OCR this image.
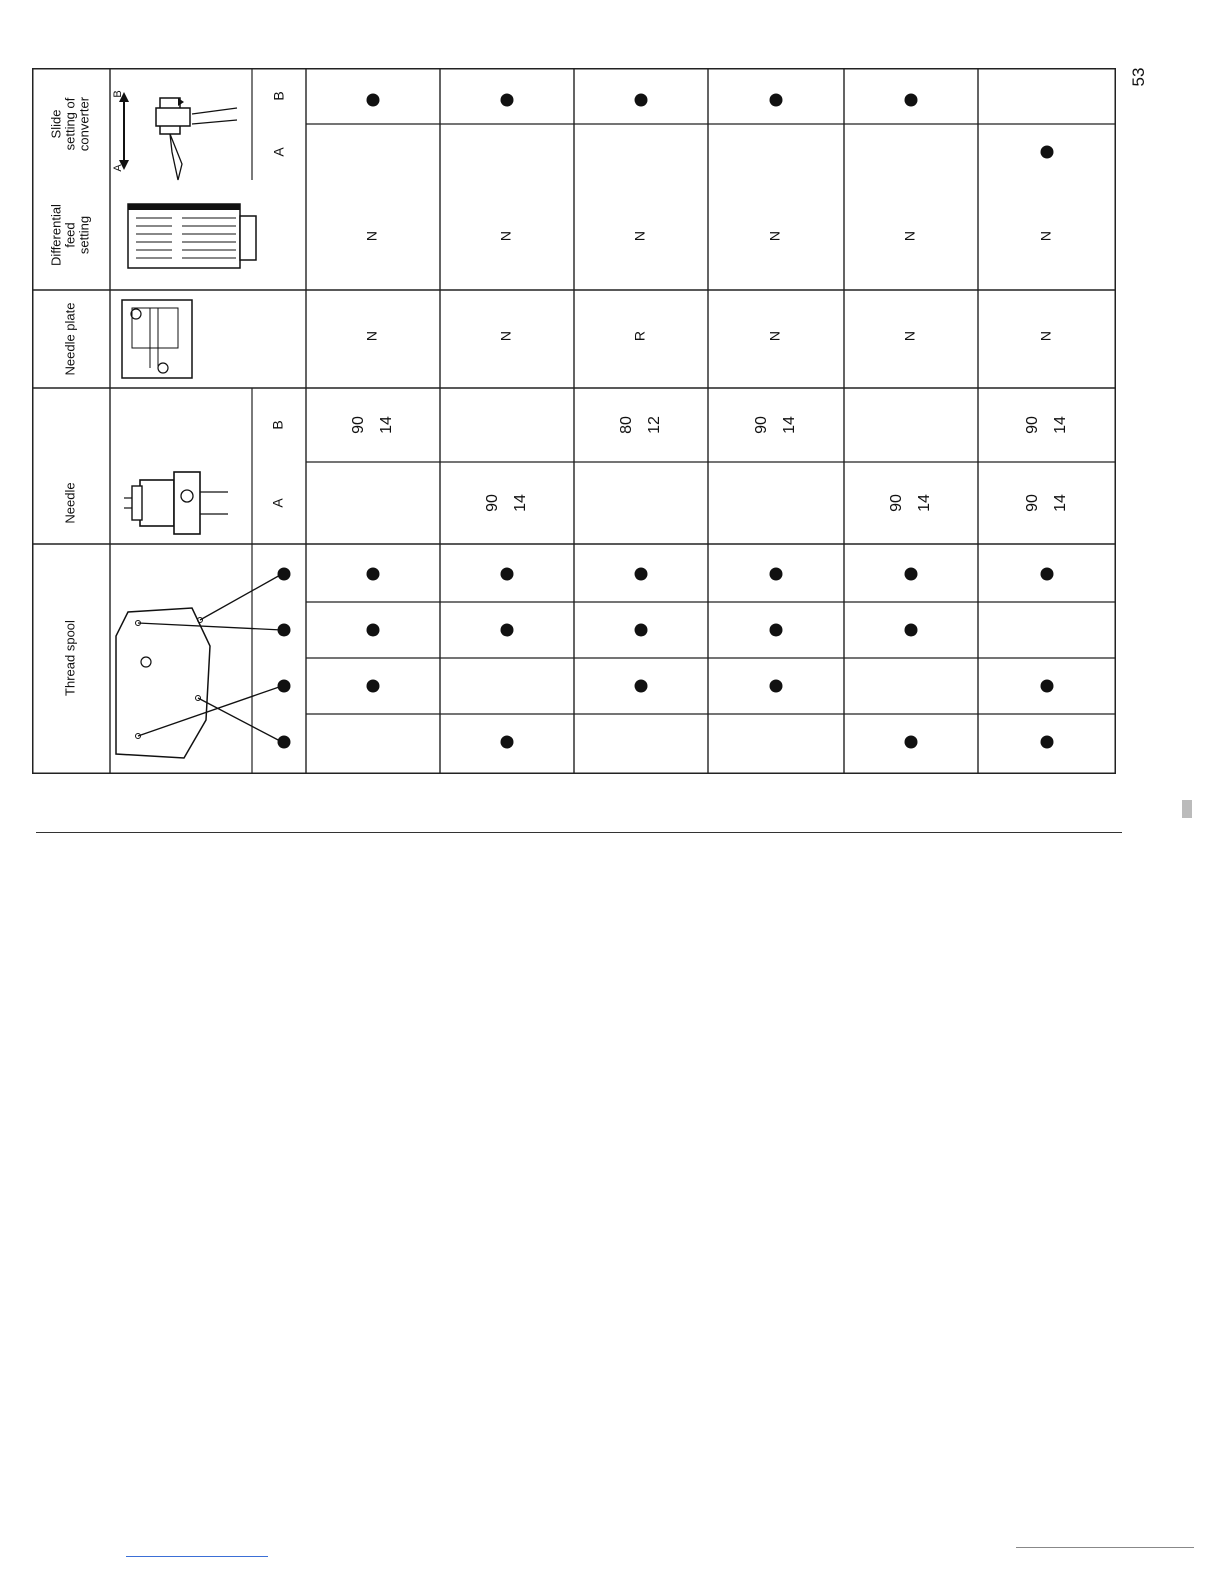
Slide setting of converter
Differential feed setting
Needle plate
Needle
Thread spool
B
A
B
A
B
A
N
N
90 14
N
N
90 14
N
R
80 12
N
N
90 14
N
N
90 14
N
N
90 14
90 14
53
